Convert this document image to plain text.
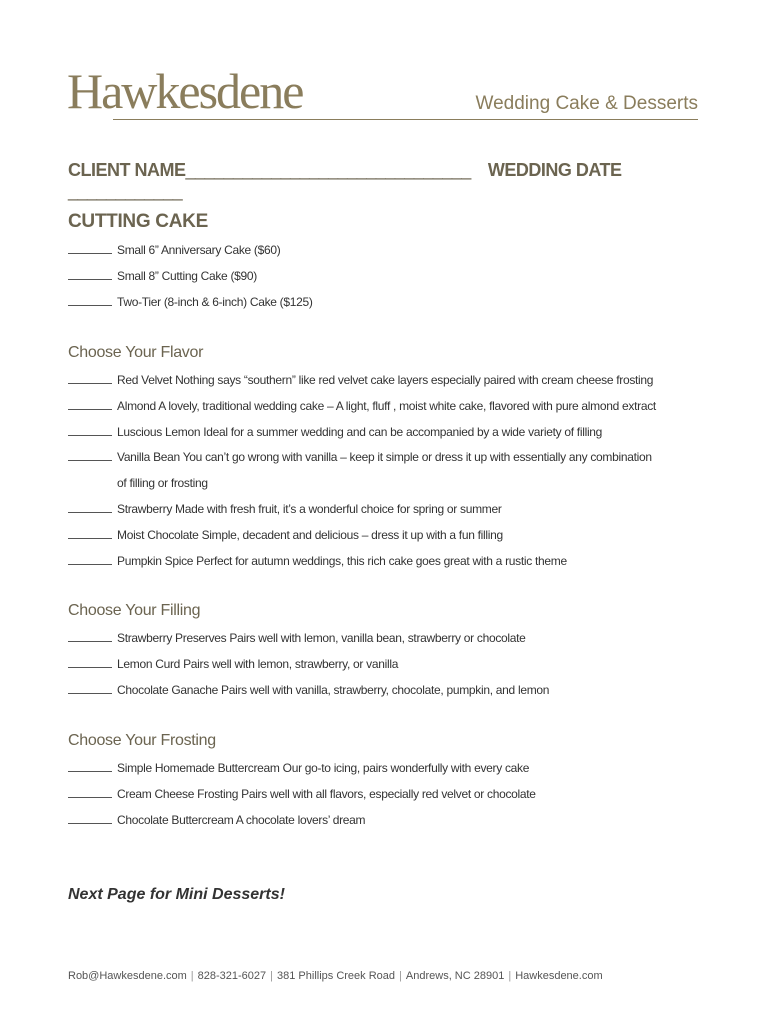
Hawkesdene	Wedding Cake & Desserts
CLIENT NAME______________________________ WEDDING DATE ____________
CUTTING CAKE
Small 6” Anniversary Cake ($60)
Small 8” Cutting Cake ($90)
Two-Tier (8-inch & 6-inch) Cake ($125)
Choose Your Flavor
Red Velvet Nothing says “southern” like red velvet cake layers especially paired with cream cheese frosting
Almond A lovely, traditional wedding cake – A light, fluff , moist white cake, flavored with pure almond extract
Luscious Lemon Ideal for a summer wedding and can be accompanied by a wide variety of filling
Vanilla Bean You can’t go wrong with vanilla – keep it simple or dress it up with essentially any combination
of filling or frosting
Strawberry Made with fresh fruit, it’s a wonderful choice for spring or summer
Moist Chocolate Simple, decadent and delicious – dress it up with a fun filling
Pumpkin Spice Perfect for autumn weddings, this rich cake goes great with a rustic theme
Choose Your Filling
Strawberry Preserves Pairs well with lemon, vanilla bean, strawberry or chocolate
Lemon Curd Pairs well with lemon, strawberry, or vanilla
Chocolate Ganache Pairs well with vanilla, strawberry, chocolate, pumpkin, and lemon
Choose Your Frosting
Simple Homemade Buttercream Our go-to icing, pairs wonderfully with every cake
Cream Cheese Frosting Pairs well with all flavors, especially red velvet or chocolate
Chocolate Buttercream A chocolate lovers’ dream
Next Page for Mini Desserts!
Rob@Hawkesdene.com | 828-321-6027 | 381 Phillips Creek Road | Andrews, NC 28901 | Hawkesdene.com
